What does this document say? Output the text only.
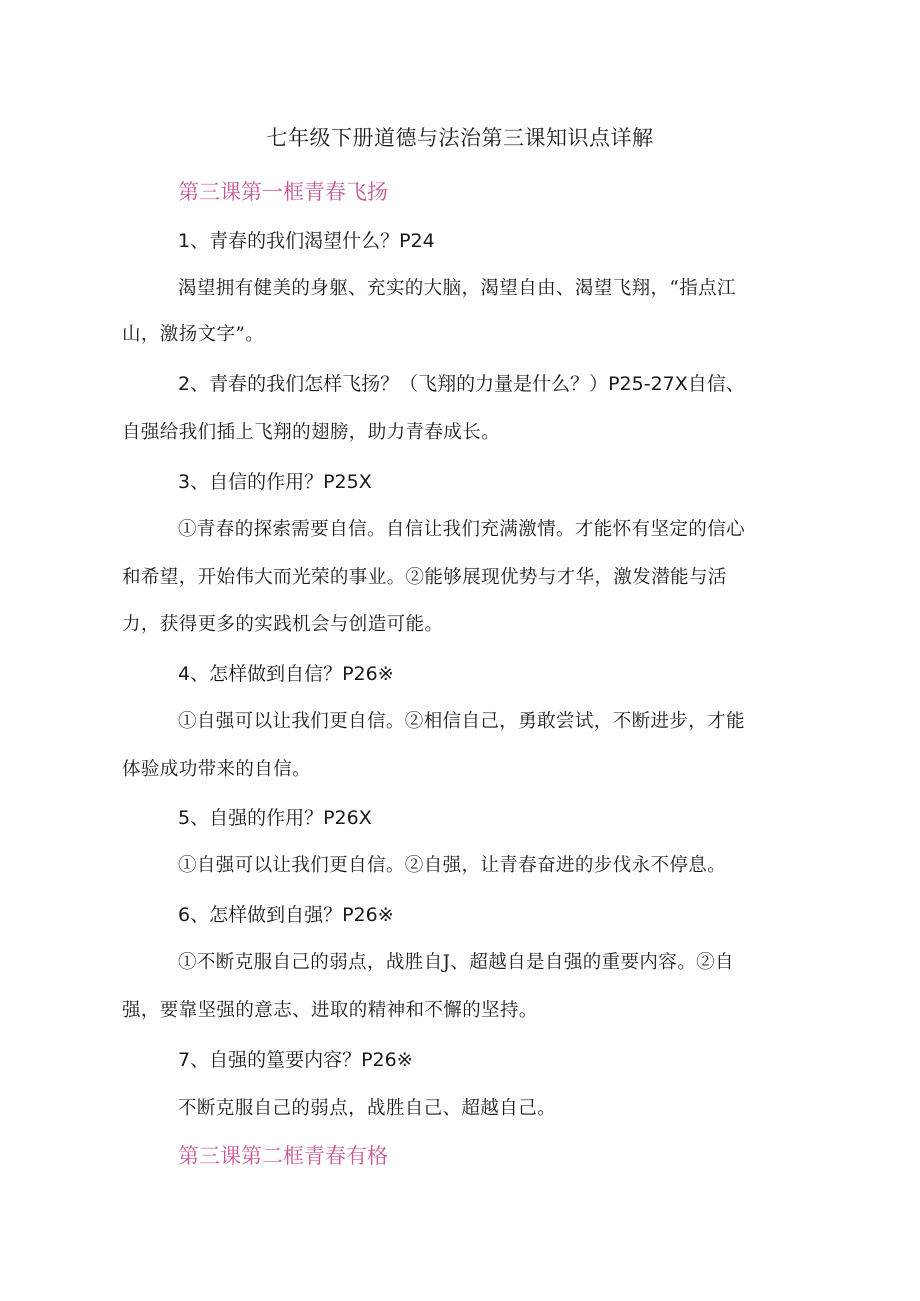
七年级下册道德与法治第三课知识点详解
第三课第一框青春飞扬
1、青春的我们渴望什么？P24
渴望拥有健美的身躯、充实的大脑，渴望自由、渴望飞翔，“指点江
山，激扬文字”。
2、青春的我们怎样飞扬？（飞翔的力量是什么？）P25-27X自信、
自强给我们插上飞翔的翅膀，助力青春成长。
3、自信的作用？P25X
①青春的探索需要自信。自信让我们充满激情。才能怀有坚定的信心
和希望，开始伟大而光荣的事业。②能够展现优势与才华，激发潜能与活
力，获得更多的实践机会与创造可能。
4、怎样做到自信？P26※
①自强可以让我们更自信。②相信自己，勇敢尝试，不断进步，才能
体验成功带来的自信。
5、自强的作用？P26X
①自强可以让我们更自信。②自强，让青春奋进的步伐永不停息。
6、怎样做到自强？P26※
①不断克服自己的弱点，战胜自J、超越自是自强的重要内容。②自
强，要靠坚强的意志、进取的精神和不懈的坚持。
7、自强的篁要内容？P26※
不断克服自己的弱点，战胜自己、超越自己。
第三课第二框青春有格
